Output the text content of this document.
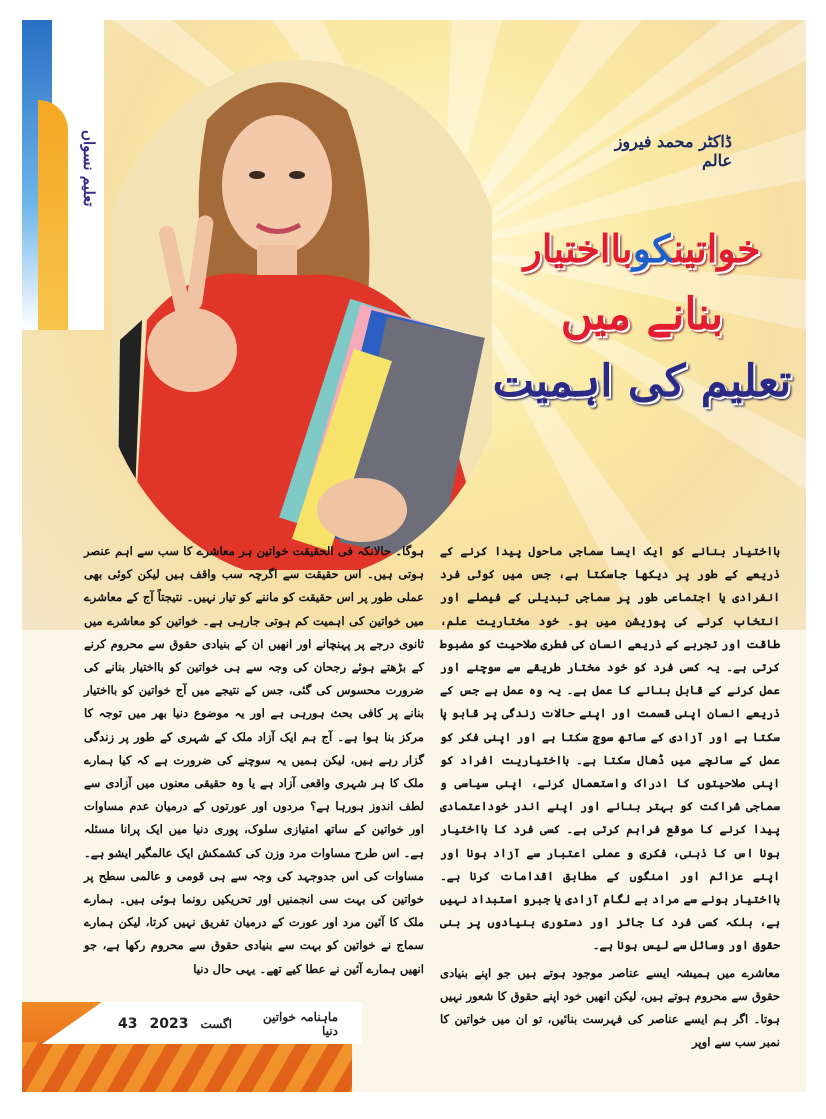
تعلیم نسواں	ڈاکٹر محمد فیروز عالم
خواتینکوبااختیار
بنانے میں
تعلیم کی اہمیت

بااختیار بنانے کو ایک ایسا سماجی ماحول پیدا کرنے کے ذریعے کے طور پر دیکھا جاسکتا ہے، جس میں کوئی فرد انفرادی یا اجتماعی طور پر سماجی تبدیلی کے فیصلے اور انتخاب کرنے کی پوزیشن میں ہو۔ خود مختاریت علم، طاقت اور تجربے کے ذریعے انسان کی فطری صلاحیت کو مضبوط کرتی ہے۔ یہ کسی فرد کو خود مختار طریقے سے سوچنے اور عمل کرنے کے قابل بنانے کا عمل ہے۔ یہ وہ عمل ہے جس کے ذریعے انسان اپنی قسمت اور اپنے حالات زندگی پر قابو پا سکتا ہے اور آزادی کے ساتھ سوچ سکتا ہے اور اپنی فکر کو عمل کے سانچے میں ڈھال سکتا ہے۔ بااختیاریت افراد کو اپنی صلاحیتوں کا ادراک واستعمال کرنے، اپنی سیاسی و سماجی شراکت کو بہتر بنانے اور اپنے اندر خوداعتمادی پیدا کرنے کا موقع فراہم کرتی ہے۔ کسی فرد کا بااختیار ہونا اس کا ذہنی، فکری و عملی اعتبار سے آزاد ہونا اور اپنے عزائم اور امنگوں کے مطابق اقدامات کرنا ہے۔ بااختیار ہونے سے مراد بے لگام آزادی یا جبرو استبداد نہیں ہے، بلکہ کسی فرد کا جائز اور دستوری بنیادوں پر بنی حقوق اور وسائل سے لیس ہونا ہے۔

معاشرے میں ہمیشہ ایسے عناصر موجود ہوتے ہیں جو اپنے بنیادی حقوق سے محروم ہوتے ہیں، لیکن انھیں خود اپنے حقوق کا شعور نہیں ہوتا۔ اگر ہم ایسے عناصر کی فہرست بنائیں، تو ان میں خواتین کا نمبر سب سے اوپر

ہوگا۔ حالانکہ فی الحقیقت خواتین ہر معاشرے کا سب سے اہم عنصر ہوتی ہیں۔ اس حقیقت سے اگرچہ سب واقف ہیں لیکن کوئی بھی عملی طور پر اس حقیقت کو ماننے کو تیار نہیں۔ نتیجتاً آج کے معاشرے میں خواتین کی اہمیت کم ہوتی جارہی ہے۔ خواتین کو معاشرے میں ثانوی درجے پر پہنچانے اور انھیں ان کے بنیادی حقوق سے محروم کرنے کے بڑھتے ہوئے رجحان کی وجہ سے ہی خواتین کو بااختیار بنانے کی ضرورت محسوس کی گئی، جس کے نتیجے میں آج خواتین کو بااختیار بنانے پر کافی بحث ہورہی ہے اور یہ موضوع دنیا بھر میں توجہ کا مرکز بنا ہوا ہے۔ آج ہم ایک آزاد ملک کے شہری کے طور پر زندگی گزار رہے ہیں، لیکن ہمیں یہ سوچنے کی ضرورت ہے کہ کیا ہمارے ملک کا ہر شہری واقعی آزاد ہے یا وہ حقیقی معنوں میں آزادی سے لطف اندوز ہورہا ہے؟ مردوں اور عورتوں کے درمیان عدم مساوات اور خواتین کے ساتھ امتیازی سلوک، پوری دنیا میں ایک پرانا مسئلہ ہے۔ اس طرح مساوات مرد وزن کی کشمکش ایک عالمگیر ایشو ہے۔ مساوات کی اس جدوجہد کی وجہ سے ہی قومی و عالمی سطح پر خواتین کی بہت سی انجمنیں اور تحریکیں رونما ہوئی ہیں۔ ہمارے ملک کا آئین مرد اور عورت کے درمیان تفریق نہیں کرتا، لیکن ہمارے سماج نے خواتین کو بہت سے بنیادی حقوق سے محروم رکھا ہے، جو انھیں ہمارے آئین نے عطا کیے تھے۔ یہی حال دنیا

43 2023 اگست	ماہنامہ خواتین دنیا
